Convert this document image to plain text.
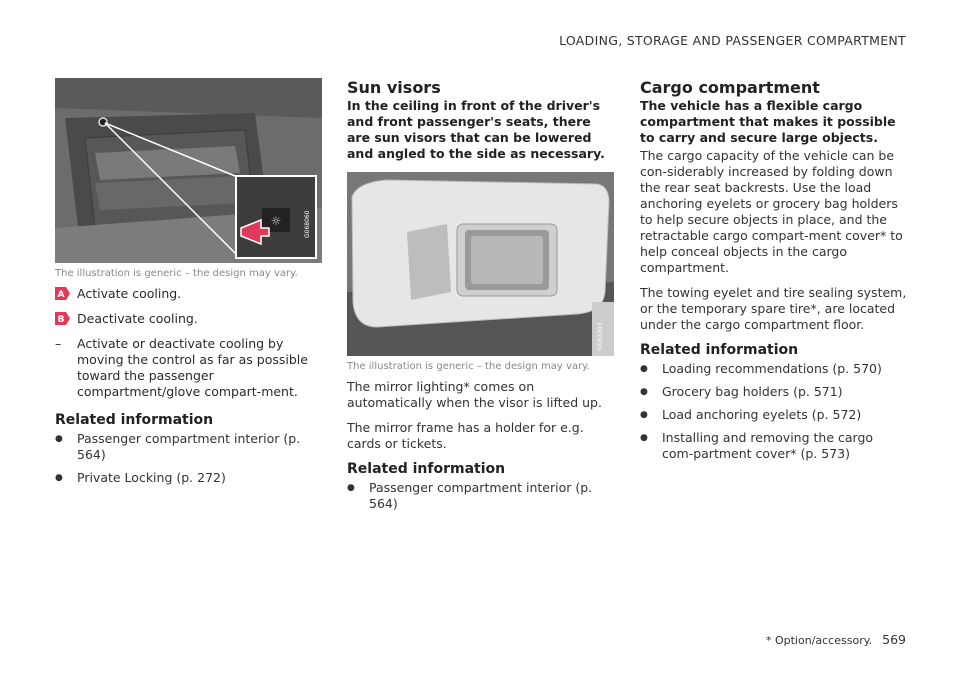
LOADING, STORAGE AND PASSENGER COMPARTMENT
☼	G068060
The illustration is generic – the design may vary.
A Activate cooling.
B Deactivate cooling.
–	Activate or deactivate cooling by moving the control as far as possible toward the passenger compartment/glove compart-ment.
Related information
●	Passenger compartment interior (p. 564)
●	Private Locking (p. 272)
Sun visors
In the ceiling in front of the driver's and front passenger's seats, there are sun visors that can be lowered and angled to the side as necessary.
G063393
The illustration is generic – the design may vary.

The mirror lighting* comes on automatically when the visor is lifted up.

The mirror frame has a holder for e.g. cards or tickets.

Related information
●	Passenger compartment interior (p. 564)
Cargo compartment
The vehicle has a flexible cargo compartment that makes it possible to carry and secure large objects.

The cargo capacity of the vehicle can be con-siderably increased by folding down the rear seat backrests. Use the load anchoring eyelets or grocery bag holders to help secure objects in place, and the retractable cargo compart-ment cover* to help conceal objects in the cargo compartment.

The towing eyelet and tire sealing system, or the temporary spare tire*, are located under the cargo compartment floor.

Related information
●	Loading recommendations (p. 570)
●	Grocery bag holders (p. 571)
●	Load anchoring eyelets (p. 572)
●	Installing and removing the cargo com-partment cover* (p. 573)
* Option/accessory. 569
